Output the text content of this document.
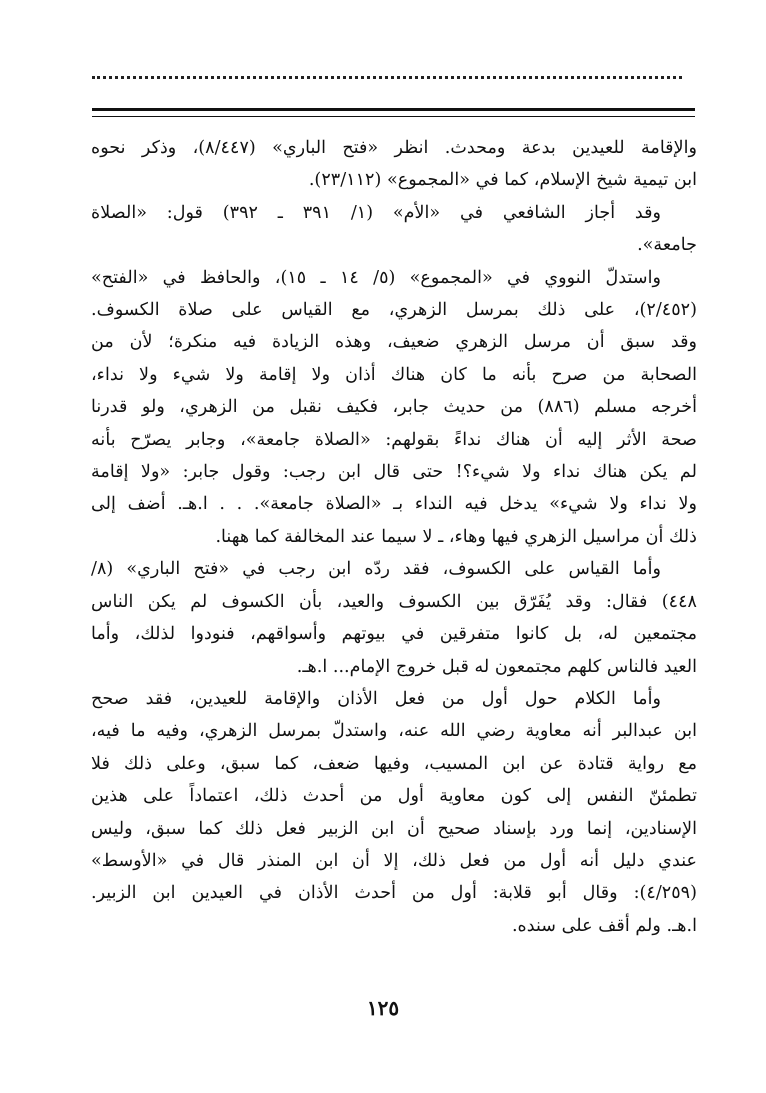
والإقامة للعيدين بدعة ومحدث. انظر «فتح الباري» (٨/٤٤٧)، وذكر نحوه
ابن تيمية شيخ الإسلام، كما في «المجموع» (٢٣/١١٢).
وقد أجاز الشافعي في «الأم» (١/ ٣٩١ ـ ٣٩٢) قول: «الصلاة
جامعة».
واستدلّ النووي في «المجموع» (٥/ ١٤ ـ ١٥)، والحافظ في «الفتح»
(٢/٤٥٢)، على ذلك بمرسل الزهري، مع القياس على صلاة الكسوف.
وقد سبق أن مرسل الزهري ضعيف، وهذه الزيادة فيه منكرة؛ لأن من
الصحابة من صرح بأنه ما كان هناك أذان ولا إقامة ولا شيء ولا نداء،
أخرجه مسلم (٨٨٦) من حديث جابر، فكيف نقبل من الزهري، ولو قدرنا
صحة الأثر إليه أن هناك نداءً بقولهم: «الصلاة جامعة»، وجابر يصرّح بأنه
لم يكن هناك نداء ولا شيء؟! حتى قال ابن رجب: وقول جابر: «ولا إقامة
ولا نداء ولا شيء» يدخل فيه النداء بـ «الصلاة جامعة». . . ا.هـ. أضف إلى
ذلك أن مراسيل الزهري فيها وهاء، ـ لا سيما عند المخالفة كما ههنا.
وأما القياس على الكسوف، فقد ردّه ابن رجب في «فتح الباري» (٨/
٤٤٨) فقال: وقد يُفَرّق بين الكسوف والعيد، بأن الكسوف لم يكن الناس
مجتمعين له، بل كانوا متفرقين في بيوتهم وأسواقهم، فنودوا لذلك، وأما
العيد فالناس كلهم مجتمعون له قبل خروج الإمام... ا.هـ.
وأما الكلام حول أول من فعل الأذان والإقامة للعيدين، فقد صحح
ابن عبدالبر أنه معاوية رضي الله عنه، واستدلّ بمرسل الزهري، وفيه ما فيه،
مع رواية قتادة عن ابن المسيب، وفيها ضعف، كما سبق، وعلى ذلك فلا
تطمئنّ النفس إلى كون معاوية أول من أحدث ذلك، اعتماداً على هذين
الإسنادين، إنما ورد بإسناد صحيح أن ابن الزبير فعل ذلك كما سبق، وليس
عندي دليل أنه أول من فعل ذلك، إلا أن ابن المنذر قال في «الأوسط»
(٤/٢٥٩): وقال أبو قلابة: أول من أحدث الأذان في العيدين ابن الزبير.
ا.هـ. ولم أقف على سنده.
١٢٥
